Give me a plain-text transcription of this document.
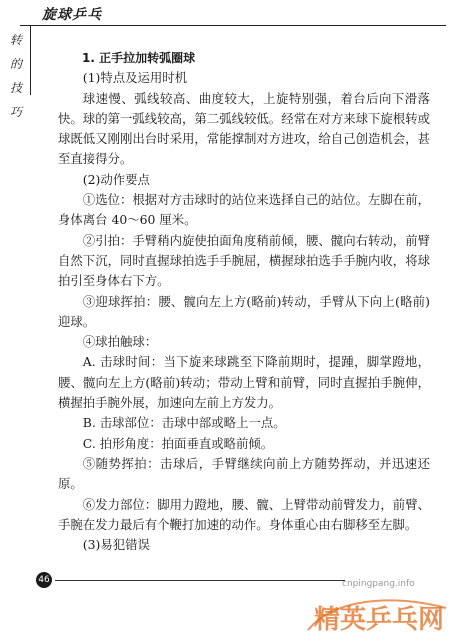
旋球乒乓
转
的
技
巧

1. 正手拉加转弧圈球

(1)特点及运用时机

球速慢、弧线较高、曲度较大，上旋特别强，着台后向下滑落快。球的第一弧线较高，第二弧线较低。经常在对方来球下旋根转或球既低又刚刚出台时采用，常能撑制对方进攻，给自己创造机会，甚至直接得分。

(2)动作要点

①选位：根据对方击球时的站位来选择自己的站位。左脚在前，身体离台 40～60 厘米。

②引拍：手臂稍内旋使拍面角度稍前倾，腰、髋向右转动，前臂自然下沉，同时直握球拍选手手腕屈，横握球拍选手手腕内收，将球拍引至身体右下方。

③迎球挥拍：腰、髋向左上方(略前)转动，手臂从下向上(略前)迎球。

④球拍触球：

A. 击球时间：当下旋来球跳至下降前期时，提踵，脚掌蹬地，腰、髋向左上方(略前)转动；带动上臂和前臂，同时直握拍手腕伸，横握拍手腕外展，加速向左前上方发力。

B. 击球部位：击球中部或略上一点。

C. 拍形角度：拍面垂直或略前倾。

⑤随势挥拍：击球后，手臂继续向前上方随势挥动，并迅速还原。

⑥发力部位：脚用力蹬地，腰、髋、上臂带动前臂发力，前臂、手腕在发力最后有个鞭打加速的动作。身体重心由右脚移至左脚。

(3)易犯错误

46	cnpingpang.info
精英乒乓网
